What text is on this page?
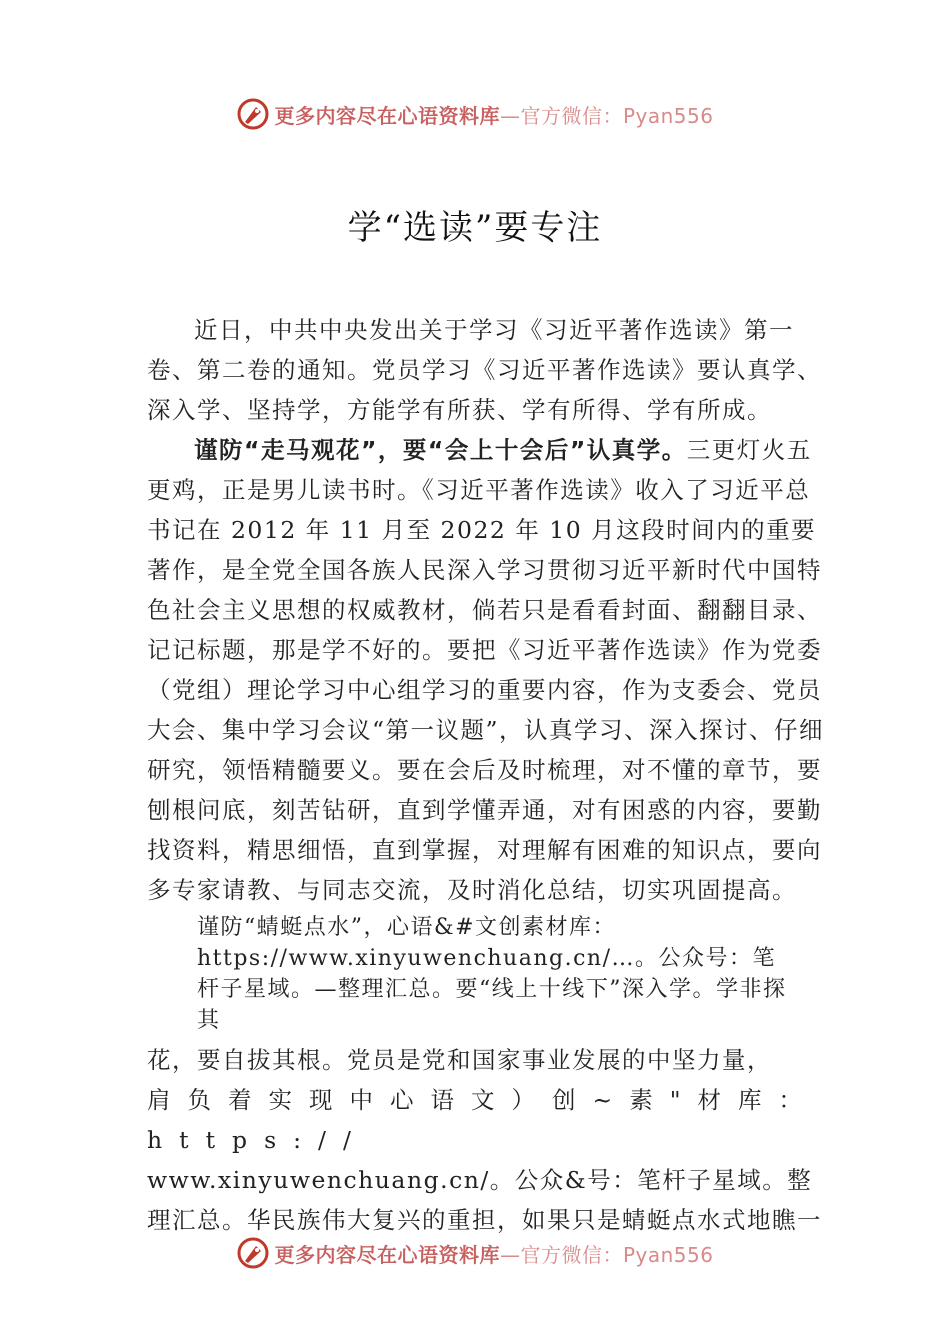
更多内容尽在心语资料库—官方微信：Pyan556
学“选读”要专注

近日，中共中央发出关于学习《习近平著作选读》第一卷、第二卷的通知。党员学习《习近平著作选读》要认真学、深入学、坚持学，方能学有所获、学有所得、学有所成。

谨防“走马观花”，要“会上十会后”认真学。三更灯火五更鸡，正是男儿读书时。《习近平著作选读》收入了习近平总书记在 2012 年 11 月至 2022 年 10 月这段时间内的重要著作，是全党全国各族人民深入学习贯彻习近平新时代中国特色社会主义思想的权威教材，倘若只是看看封面、翻翻目录、记记标题，那是学不好的。要把《习近平著作选读》作为党委（党组）理论学习中心组学习的重要内容，作为支委会、党员大会、集中学习会议“第一议题”，认真学习、深入探讨、仔细研究，领悟精髓要义。要在会后及时梳理，对不懂的章节，要刨根问底，刻苦钻研，直到学懂弄通，对有困惑的内容，要勤找资料，精思细悟，直到掌握，对理解有困难的知识点，要向多专家请教、与同志交流，及时消化总结，切实巩固提高。

谨防“蜻蜓点水”，心语&#文创素材库：https://www.xinyuwenchuang.cn/…。公众号：笔杆子星域。—整理汇总。要“线上十线下”深入学。学非探其

花，要自拔其根。党员是党和国家事业发展的中坚力量，

肩负着实现中心语文）创~素"材库：https://

www.xinyuwenchuang.cn/。公众&号：笔杆子星域。整理汇总。华民族伟大复兴的重担，如果只是蜻蜓点水式地瞧一

更多内容尽在心语资料库—官方微信：Pyan556
